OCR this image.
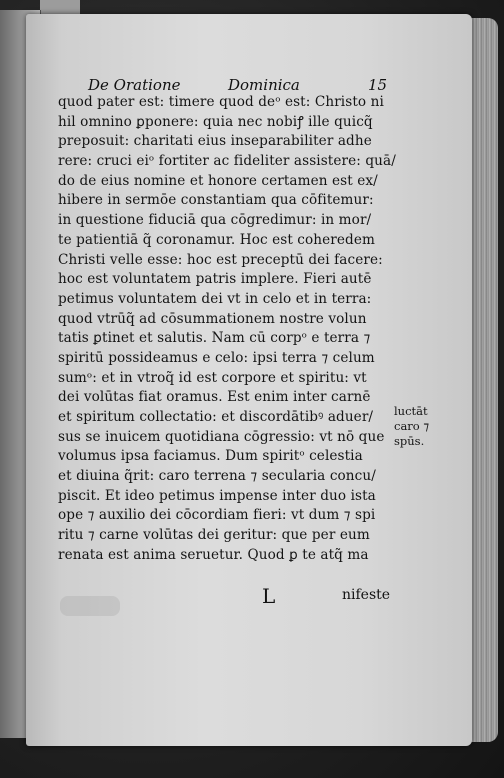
De Oratione	Dominica	15
quod pater est: timere quod deᵒ est: Christo ni
hil omnino ꝑponere: quia nec nobiꝭ ille quicq̃
preposuit: charitati eius inseparabiliter adhe
rere: cruci eiᵒ fortiter ac fideliter assistere: quā/
do de eius nomine et honore certamen est ex/
hibere in sermōe constantiam qua cōfitemur:
in questione fiduciā qua cōgredimur: in mor/
te patientiā q̃ coronamur. Hoc est coheredem
Christi velle esse: hoc est preceptū dei facere:
hoc est voluntatem patris implere. Fieri autē
petimus voluntatem dei vt in celo et in terra:
quod vtrūq̃ ad cōsummationem nostre volun
tatis ꝑtinet et salutis. Nam cū corpᵒ e terra ⁊
spiritū possideamus e celo: ipsi terra ⁊ celum
sumᵒ: et in vtroq̃ id est corpore et spiritu: vt
dei volūtas fiat oramus. Est enim inter carnē
et spiritum collectatio: et discordātibꝰ aduer/
sus se inuicem quotidiana cōgressio: vt nō que
volumus ipsa faciamus. Dum spiritᵒ celestia
et diuina q̃rit: caro terrena ⁊ secularia concu/
piscit. Et ideo petimus impense inter duo ista
ope ⁊ auxilio dei cōcordiam fieri: vt dum ⁊ spi
ritu ⁊ carne volūtas dei geritur: que per eum
renata est anima seruetur. Quod ꝑ te atq̃ ma
luctāt
caro ⁊
spūs.
L	nifeste
